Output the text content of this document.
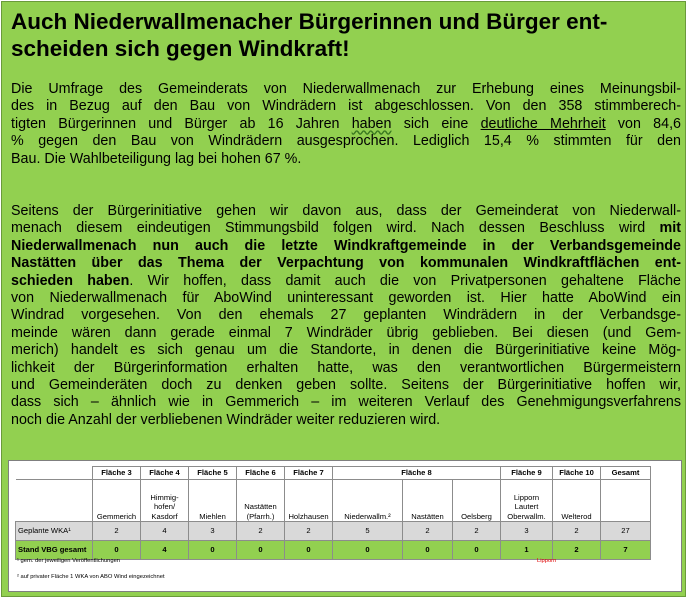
Auch Niederwallmenacher Bürgerinnen und Bürger ent-
scheiden sich gegen Windkraft!
Die Umfrage des Gemeinderats von Niederwallmenach zur Erhebung eines Meinungsbil-
des in Bezug auf den Bau von Windrädern ist abgeschlossen. Von den 358 stimmberech-
tigten Bürgerinnen und Bürger ab 16 Jahren haben sich eine deutliche Mehrheit von 84,6
% gegen den Bau von Windrädern ausgesprochen. Lediglich 15,4 % stimmten für den
Bau. Die Wahlbeteiligung lag bei hohen 67 %.
Seitens der Bürgerinitiative gehen wir davon aus, dass der Gemeinderat von Niederwall-
menach diesem eindeutigen Stimmungsbild folgen wird. Nach dessen Beschluss wird mit
Niederwallmenach nun auch die letzte Windkraftgemeinde in der Verbandsgemeinde
Nastätten über das Thema der Verpachtung von kommunalen Windkraftflächen ent-
schieden haben. Wir hoffen, dass damit auch die von Privatpersonen gehaltene Fläche
von Niederwallmenach für AboWind uninteressant geworden ist. Hier hatte AboWind ein
Windrad vorgesehen. Von den ehemals 27 geplanten Windrädern in der Verbandsge-
meinde wären dann gerade einmal 7 Windräder übrig geblieben. Bei diesen (und Gem-
merich) handelt es sich genau um die Standorte, in denen die Bürgerinitiative keine Mög-
lichkeit der Bürgerinformation erhalten hatte, was den verantwortlichen Bürgermeistern
und Gemeinderäten doch zu denken geben sollte. Seitens der Bürgerinitiative hoffen wir,
dass sich – ähnlich wie in Gemmerich – im weiteren Verlauf des Genehmigungsverfahrens
noch die Anzahl der verbliebenen Windräder weiter reduzieren wird.
	Fläche 3	Fläche 4	Fläche 5	Fläche 6	Fläche 7	Fläche 8			Fläche 9	Fläche 10	Gesamt
	Gemmerich	Himmig-
hofen/
Kasdorf	Miehlen	Nastätten
(Pfarrh.)	Holzhausen	Niederwallm.²	Nastätten	Oelsberg	Lipporn
Lautert
Oberwallm.	Welterod	
Geplante WKA¹	2	4	3	2	2	5	2	2	3	2	27
Stand VBG gesamt	0	4	0	0	0	0	0	0	1	2	7
¹ gem. der jeweiligen Veröffentlichungen	Lipporn
² auf privater Fläche 1 WKA von ABO Wind eingezeichnet
